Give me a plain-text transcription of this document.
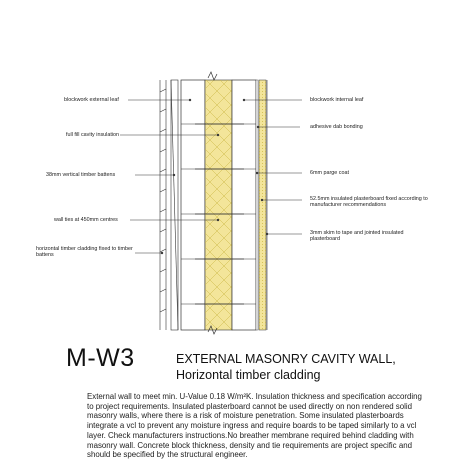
blockwork external leaf
full fill cavity insulation
38mm vertical timber battens
wall ties at 450mm centres
horizontal timber cladding fixed to timber battens
blockwork internal leaf
adhesive dab bonding
6mm parge coat
52.5mm insulated plasterboard fixed according to manufacturer recommendations
3mm skim to tape and jointed insulated plasterboard
M-W3	EXTERNAL MASONRY CAVITY WALL,
Horizontal timber cladding
External wall to meet min. U-Value 0.18 W/m²K. Insulation thickness and specification according to project requirements. Insulated plasterboard cannot be used directly on non rendered solid masonry walls, where there is a risk of moisture penetration. Some insulated plasterboards integrate a vcl to prevent any moisture ingress and require boards to be taped similarly to a vcl layer. Check manufacturers instructions.No breather membrane required behind cladding with masonry wall. Concrete block thickness, density and tie requirements are project specific and should be specified by the structural engineer.
